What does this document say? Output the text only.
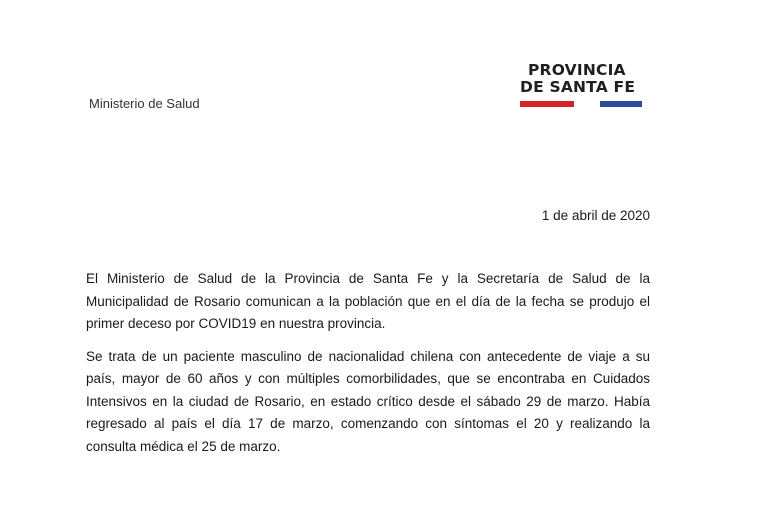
Ministerio de Salud
PROVINCIA
DE SANTA FE
1 de abril de 2020

El Ministerio de Salud de la Provincia de Santa Fe y la Secretaría de Salud de la Municipalidad de Rosario comunican a la población que en el día de la fecha se produjo el primer deceso por COVID19 en nuestra provincia.

Se trata de un paciente masculino de nacionalidad chilena con antecedente de viaje a su país, mayor de 60 años y con múltiples comorbilidades, que se encontraba en Cuidados Intensivos en la ciudad de Rosario, en estado crítico desde el sábado 29 de marzo. Había regresado al país el día 17 de marzo, comenzando con síntomas el 20 y realizando la consulta médica el 25 de marzo.
